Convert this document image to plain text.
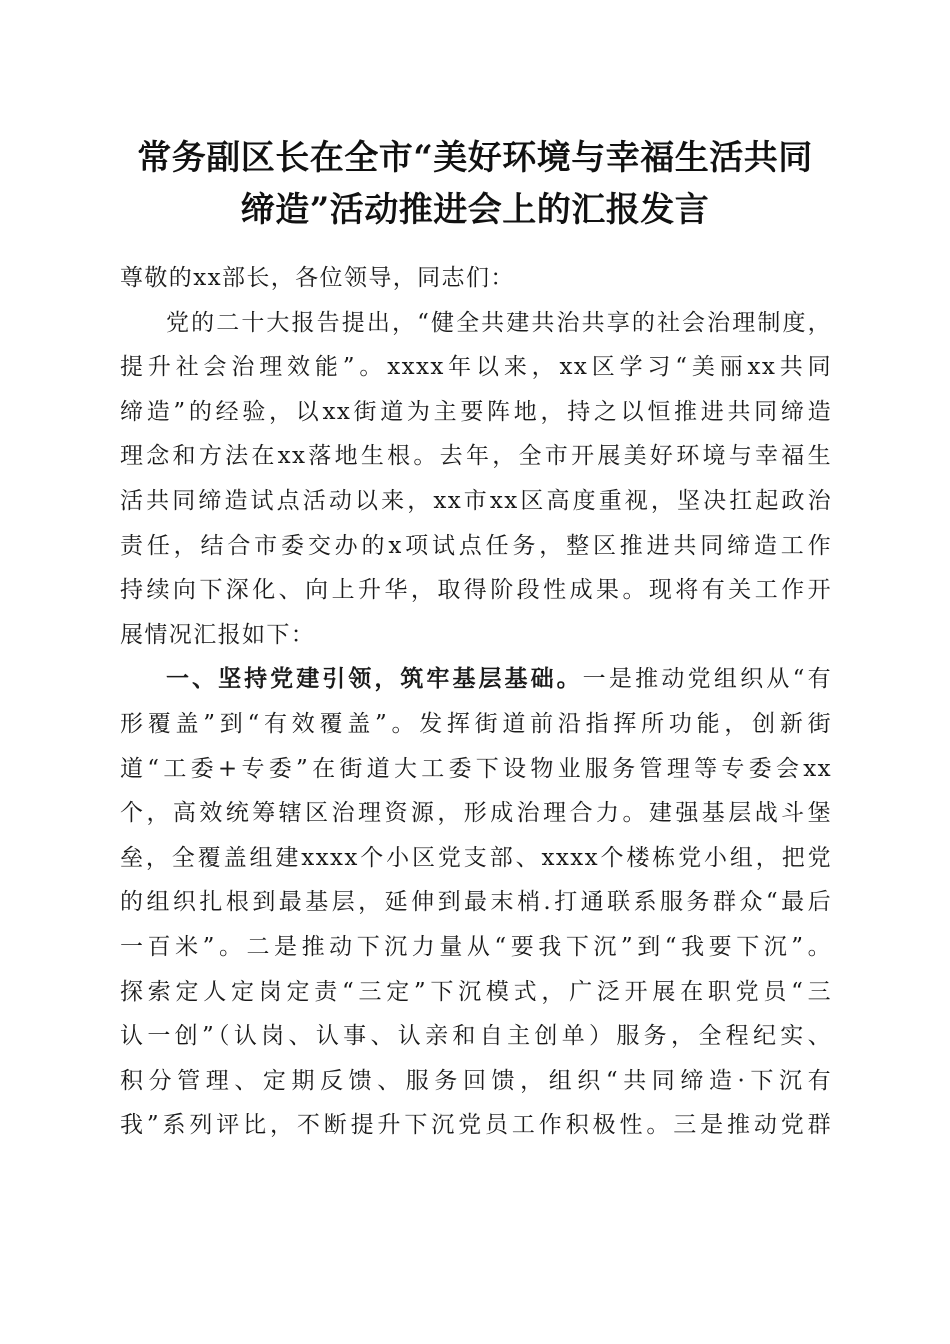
常务副区长在全市“美好环境与幸福生活共同
缔造”活动推进会上的汇报发言
尊敬的xx部长，各位领导，同志们：
党的二十大报告提出，“健全共建共治共享的社会治理制度，
提升社会治理效能”。xxxx年以来，xx区学习“美丽xx共同
缔造”的经验，以xx街道为主要阵地，持之以恒推进共同缔造
理念和方法在xx落地生根。去年，全市开展美好环境与幸福生
活共同缔造试点活动以来，xx市xx区高度重视，坚决扛起政治
责任，结合市委交办的x项试点任务，整区推进共同缔造工作
持续向下深化、向上升华，取得阶段性成果。现将有关工作开
展情况汇报如下：
一、坚持党建引领，筑牢基层基础。一是推动党组织从“有
形覆盖”到“有效覆盖”。发挥街道前沿指挥所功能，创新街
道“工委+专委”在街道大工委下设物业服务管理等专委会xx
个，高效统筹辖区治理资源，形成治理合力。建强基层战斗堡
垒，全覆盖组建xxxx个小区党支部、xxxx个楼栋党小组，把党
的组织扎根到最基层，延伸到最末梢.打通联系服务群众“最后
一百米”。二是推动下沉力量从“要我下沉”到“我要下沉”。
探索定人定岗定责“三定”下沉模式，广泛开展在职党员“三
认一创”（认岗、认事、认亲和自主创单）服务，全程纪实、
积分管理、定期反馈、服务回馈，组织“共同缔造·下沉有
我”系列评比，不断提升下沉党员工作积极性。三是推动党群
